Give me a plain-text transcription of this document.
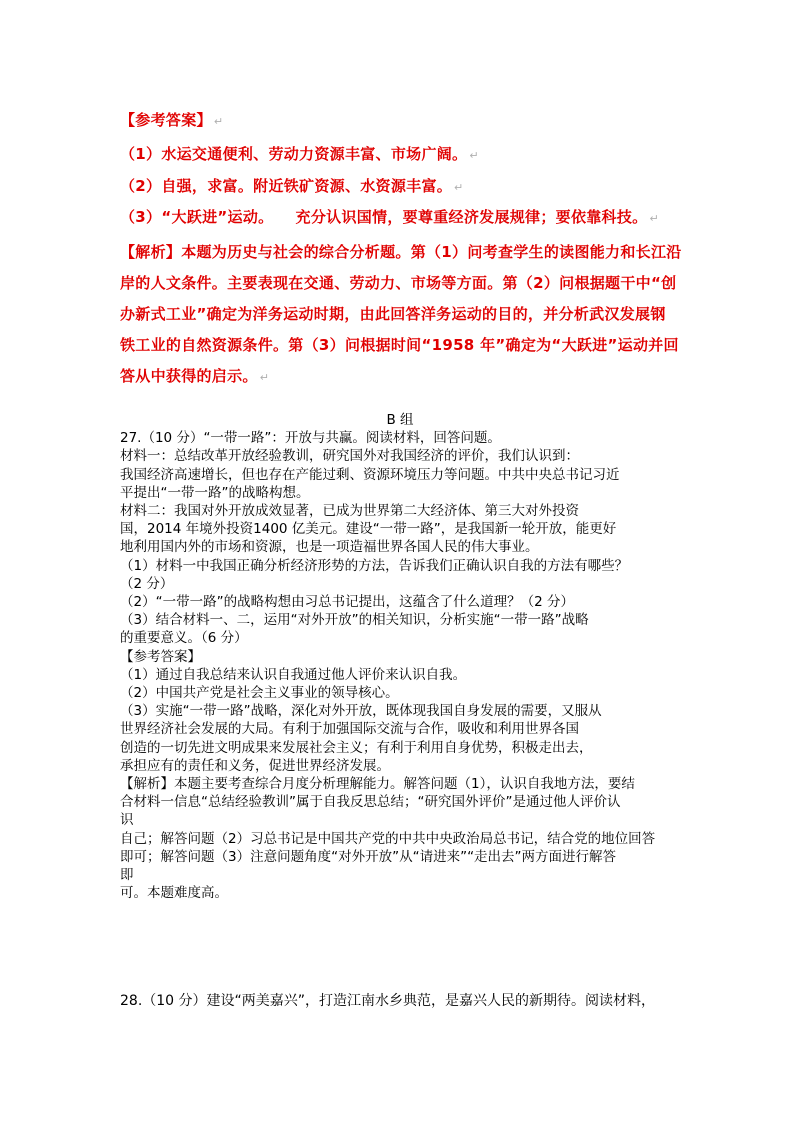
【参考答案】 ↵
（1）水运交通便利、劳动力资源丰富、市场广阔。 ↵
（2）自强，求富。附近铁矿资源、水资源丰富。 ↵
（3）“大跃进”运动。    充分认识国情，要尊重经济发展规律；要依靠科技。 ↵
【解析】本题为历史与社会的综合分析题。第（1）问考查学生的读图能力和长江沿
岸的人文条件。主要表现在交通、劳动力、市场等方面。第（2）问根据题干中“创
办新式工业”确定为洋务运动时期，由此回答洋务运动的目的，并分析武汉发展钢
铁工业的自然资源条件。第（3）问根据时间“1958 年”确定为“大跃进”运动并回
答从中获得的启示。 ↵
B 组
27.（10 分）“一带一路”：开放与共赢。阅读材料，回答问题。
材料一：总结改革开放经验教训，研究国外对我国经济的评价，我们认识到：
我国经济高速增长，但也存在产能过剩、资源环境压力等问题。中共中央总书记习近
平提出“一带一路”的战略构想。
材料二：我国对外开放成效显著，已成为世界第二大经济体、第三大对外投资
国，2014 年境外投资1400 亿美元。建设“一带一路”，是我国新一轮开放，能更好
地利用国内外的市场和资源，也是一项造福世界各国人民的伟大事业。
（1）材料一中我国正确分析经济形势的方法，告诉我们正确认识自我的方法有哪些？
（2 分）
（2）“一带一路”的战略构想由习总书记提出，这蕴含了什么道理？（2 分）
（3）结合材料一、二，运用“对外开放”的相关知识，分析实施“一带一路”战略
的重要意义。（6 分）
【参考答案】
（1）通过自我总结来认识自我通过他人评价来认识自我。
（2）中国共产党是社会主义事业的领导核心。
（3）实施“一带一路”战略，深化对外开放，既体现我国自身发展的需要，又服从
世界经济社会发展的大局。有利于加强国际交流与合作，吸收和利用世界各国
创造的一切先进文明成果来发展社会主义；有利于利用自身优势，积极走出去，
承担应有的责任和义务，促进世界经济发展。
【解析】本题主要考查综合月度分析理解能力。解答问题（1），认识自我地方法，要结
合材料一信息“总结经验教训”属于自我反思总结；“研究国外评价”是通过他人评价认
识
自己；解答问题（2）习总书记是中国共产党的中共中央政治局总书记，结合党的地位回答
即可；解答问题（3）注意问题角度“对外开放”从“请进来”“走出去”两方面进行解答
即
可。本题难度高。
28.（10 分）建设“两美嘉兴”，打造江南水乡典范，是嘉兴人民的新期待。阅读材料，
